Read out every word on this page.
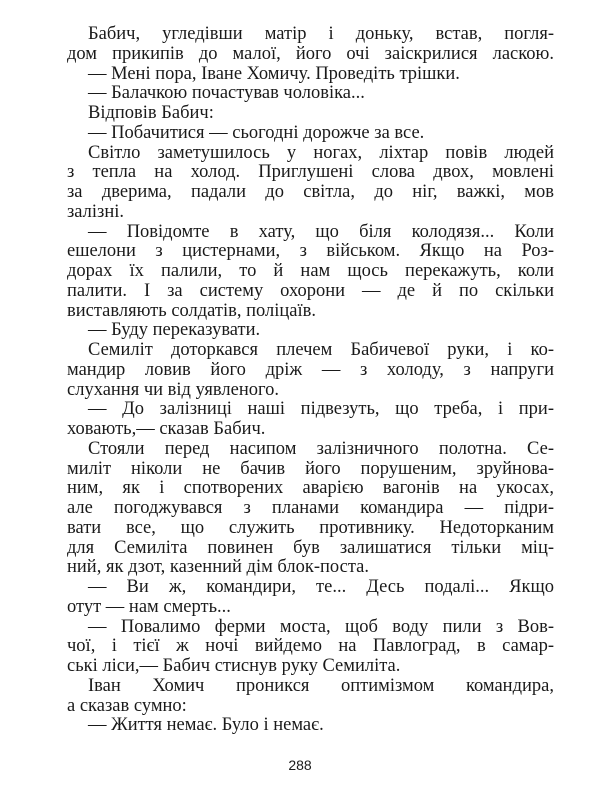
Бабич, угледівши матір і доньку, встав, погля-
дом прикипів до малої, його очі заіскрилися ласкою.
— Мені пора, Іване Хомичу. Проведіть трішки.
— Балачкою почастував чоловіка...
Відповів Бабич:
— Побачитися — сьогодні дорожче за все.
Світло заметушилось у ногах, ліхтар повів людей
з тепла на холод. Приглушені слова двох, мовлені
за дверима, падали до світла, до ніг, важкі, мов
залізні.
— Повідомте в хату, що біля колодязя... Коли
ешелони з цистернами, з військом. Якщо на Роз-
дорах їх палили, то й нам щось перекажуть, коли
палити. І за систему охорони — де й по скільки
виставляють солдатів, поліцаїв.
— Буду переказувати.
Семиліт доторкався плечем Бабичевої руки, і ко-
мандир ловив його дріж — з холоду, з напруги
слухання чи від уявленого.
— До залізниці наші підвезуть, що треба, і при-
ховають,— сказав Бабич.
Стояли перед насипом залізничного полотна. Се-
миліт ніколи не бачив його порушеним, зруйнова-
ним, як і спотворених аварією вагонів на укосах,
але погоджувався з планами командира — підри-
вати все, що служить противнику. Недоторканим
для Семиліта повинен був залишатися тільки міц-
ний, як дзот, казенний дім блок-поста.
— Ви ж, командири, те... Десь подалі... Якщо
отут — нам смерть...
— Повалимо ферми моста, щоб воду пили з Вов-
чої, і тієї ж ночі вийдемо на Павлоград, в самар-
ські ліси,— Бабич стиснув руку Семиліта.
Іван Хомич проникся оптимізмом командира,
а сказав сумно:
— Життя немає. Було і немає.
288
